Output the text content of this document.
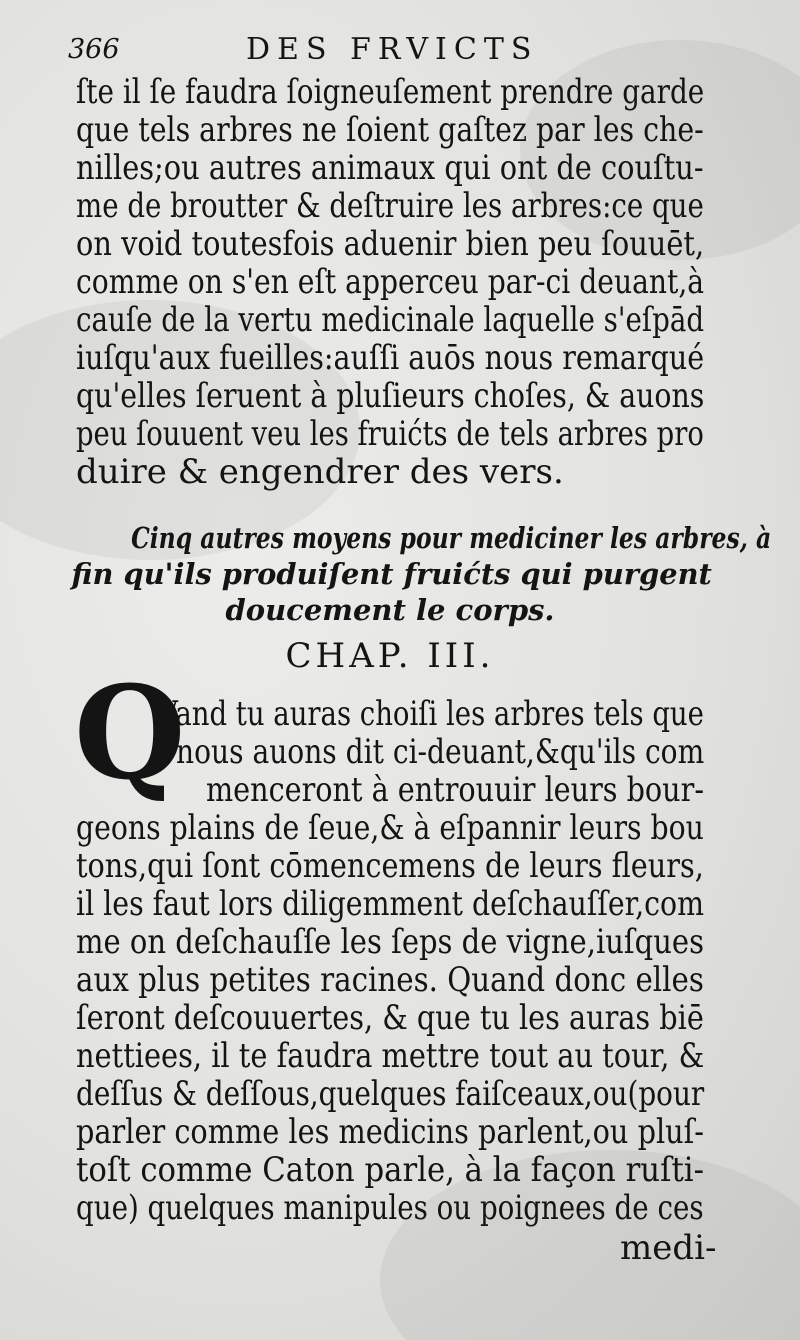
366	DES FRVICTS
ſte il ſe faudra ſoigneuſement prendre garde
que tels arbres ne ſoient gaſtez par les che-
nilles;ou autres animaux qui ont de couſtu-
me de broutter & deſtruire les arbres:ce que
on void toutesfois aduenir bien peu ſouuēt,
comme on s'en eſt apperceu par-ci deuant,à
cauſe de la vertu medicinale laquelle s'eſpād
iuſqu'aux fueilles:auſſi auōs nous remarqué
qu'elles ſeruent à pluſieurs choſes, & auons
peu ſouuent veu les fruićts de tels arbres pro
duire & engendrer des vers.
Cinq autres moyens pour mediciner les arbres, à
fin qu'ils produiſent fruićts qui purgent
doucement le corps.
CHAP. III.
Q
Vand tu auras choiſi les arbres tels que
nous auons dit ci-deuant,&qu'ils com
menceront à entrouuir leurs bour-
geons plains de ſeue,& à eſpannir leurs bou
tons,qui ſont cōmencemens de leurs fleurs,
il les faut lors diligemment deſchauſſer,com
me on deſchauſſe les ſeps de vigne,iuſques
aux plus petites racines. Quand donc elles
ſeront deſcouuertes, & que tu les auras biē
nettiees, il te faudra mettre tout au tour, &
deſſus & deſſous,quelques faiſceaux,ou(pour
parler comme les medicins parlent,ou pluſ-
toſt comme Caton parle, à la façon ruſti-
que) quelques manipules ou poignees de ces
medi-
